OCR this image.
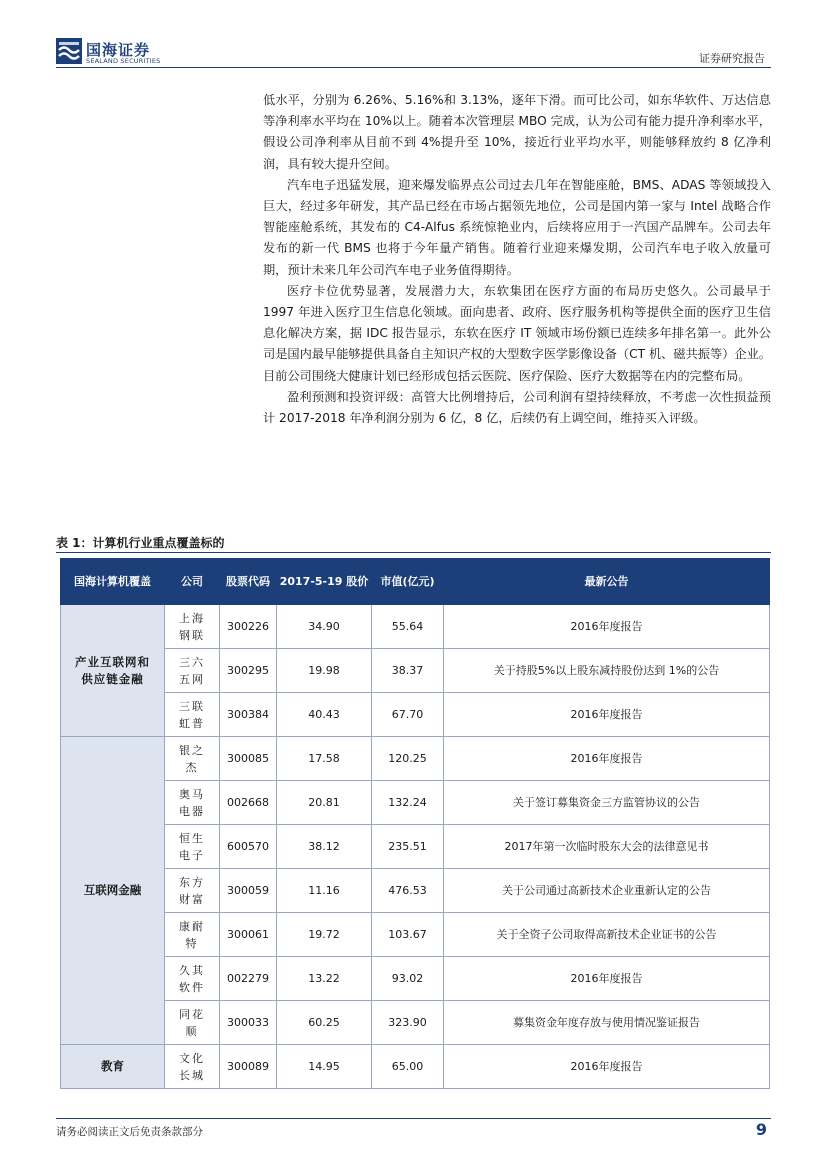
国海证券
SEALAND SECURITIES	证券研究报告

低水平，分别为 6.26%、5.16%和 3.13%，逐年下滑。而可比公司，如东华软件、万达信息等净利率水平均在 10%以上。随着本次管理层 MBO 完成，认为公司有能力提升净利率水平，假设公司净利率从目前不到 4%提升至 10%，接近行业平均水平，则能够释放约 8 亿净利润，具有较大提升空间。

汽车电子迅猛发展，迎来爆发临界点公司过去几年在智能座舱，BMS、ADAS 等领域投入巨大，经过多年研发，其产品已经在市场占据领先地位，公司是国内第一家与 Intel 战略合作智能座舱系统，其发布的 C4-Alfus 系统惊艳业内，后续将应用于一汽国产品牌车。公司去年发布的新一代 BMS 也将于今年量产销售。随着行业迎来爆发期，公司汽车电子收入放量可期，预计未来几年公司汽车电子业务值得期待。

医疗卡位优势显著，发展潜力大，东软集团在医疗方面的布局历史悠久。公司最早于 1997 年进入医疗卫生信息化领域。面向患者、政府、医疗服务机构等提供全面的医疗卫生信息化解决方案，据 IDC 报告显示，东软在医疗 IT 领域市场份额已连续多年排名第一。此外公司是国内最早能够提供具备自主知识产权的大型数字医学影像设备（CT 机、磁共振等）企业。目前公司围绕大健康计划已经形成包括云医院、医疗保险、医疗大数据等在内的完整布局。

盈利预测和投资评级：高管大比例增持后，公司利润有望持续释放，不考虑一次性损益预计 2017-2018 年净利润分别为 6 亿，8 亿，后续仍有上调空间，维持买入评级。

表 1：计算机行业重点覆盖标的
国海计算机覆盖	公司	股票代码	2017-5-19 股价	市值(亿元)	最新公告
产业互联网和供应链金融	上海钢联	300226	34.90	55.64	2016年度报告
	三六五网	300295	19.98	38.37	关于持股5%以上股东减持股份达到 1%的公告
	三联虹普	300384	40.43	67.70	2016年度报告
互联网金融	银之杰	300085	17.58	120.25	2016年度报告
	奥马电器	002668	20.81	132.24	关于签订募集资金三方监管协议的公告
	恒生电子	600570	38.12	235.51	2017年第一次临时股东大会的法律意见书
	东方财富	300059	11.16	476.53	关于公司通过高新技术企业重新认定的公告
	康耐特	300061	19.72	103.67	关于全资子公司取得高新技术企业证书的公告
	久其软件	002279	13.22	93.02	2016年度报告
	同花顺	300033	60.25	323.90	募集资金年度存放与使用情况鉴证报告
教育	文化长城	300089	14.95	65.00	2016年度报告
请务必阅读正文后免责条款部分	9
